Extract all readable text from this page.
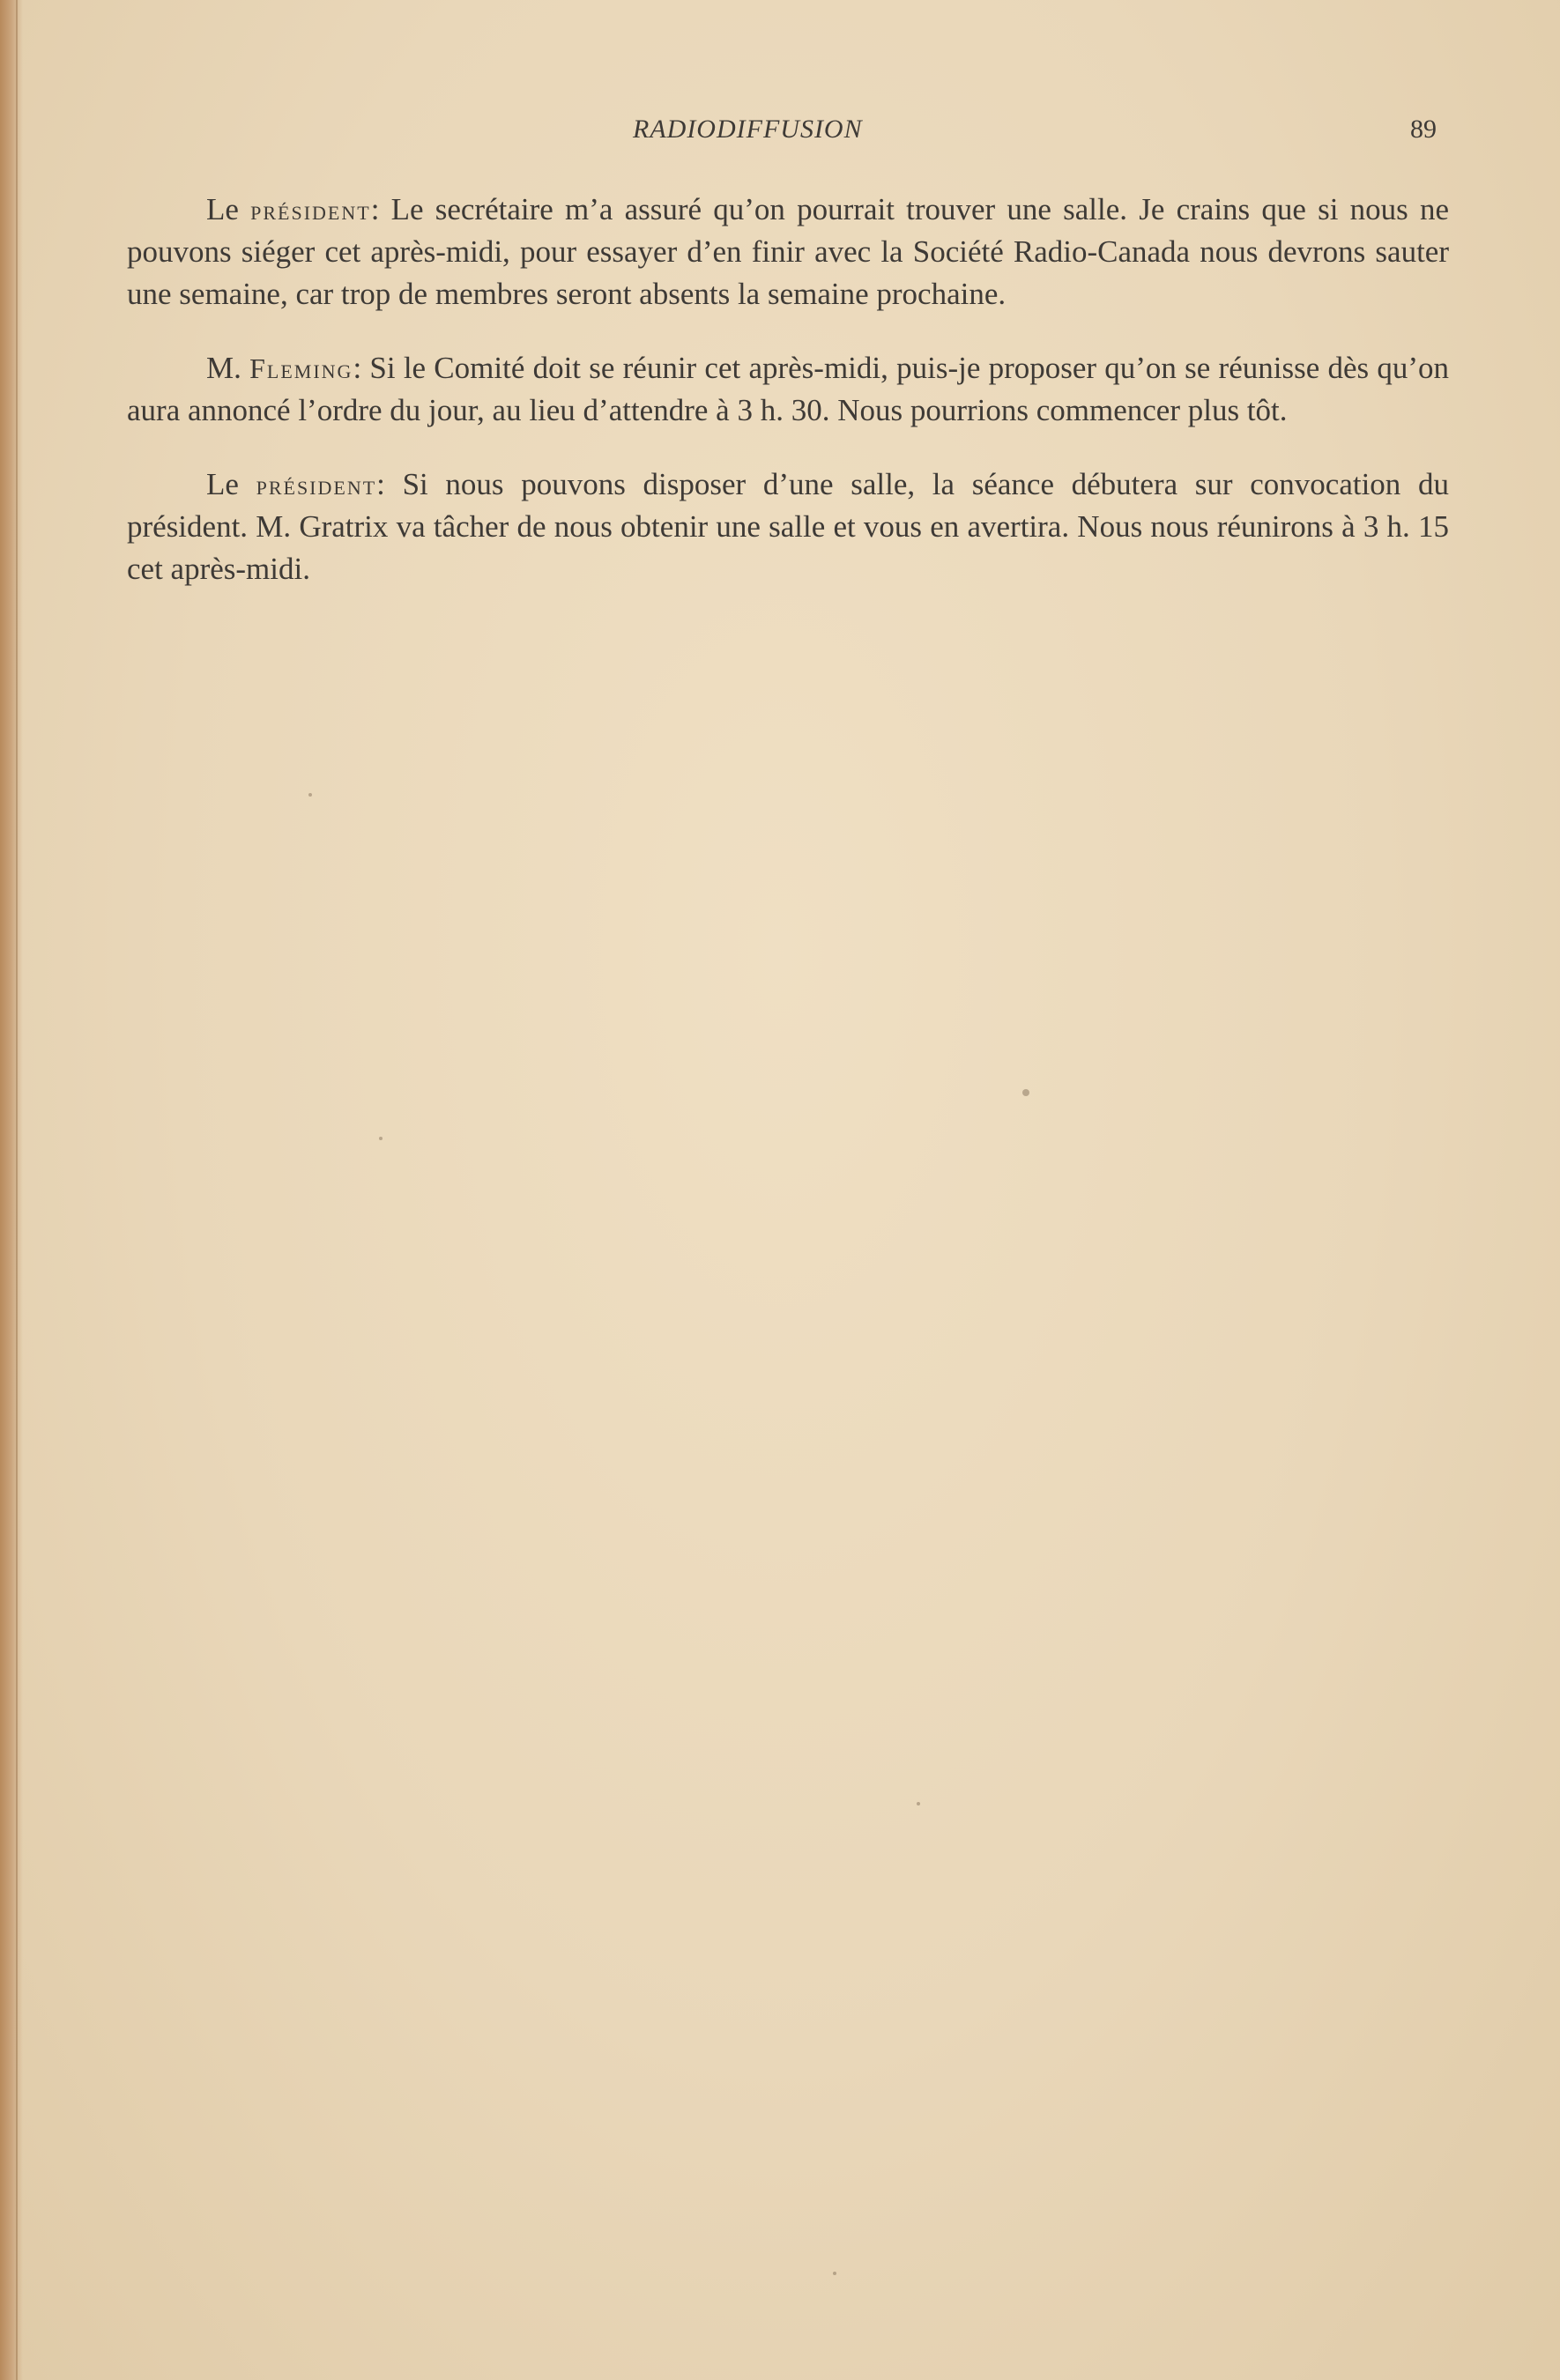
RADIODIFFUSION	89

Le président: Le secrétaire m’a assuré qu’on pourrait trouver une salle. Je crains que si nous ne pouvons siéger cet après-midi, pour essayer d’en finir avec la Société Radio-Canada nous devrons sauter une semaine, car trop de membres seront absents la semaine prochaine.

M. Fleming: Si le Comité doit se réunir cet après-midi, puis-je proposer qu’on se réunisse dès qu’on aura annoncé l’ordre du jour, au lieu d’attendre à 3 h. 30. Nous pourrions commencer plus tôt.

Le président: Si nous pouvons disposer d’une salle, la séance débutera sur convocation du président. M. Gratrix va tâcher de nous obtenir une salle et vous en avertira. Nous nous réunirons à 3 h. 15 cet après-midi.
